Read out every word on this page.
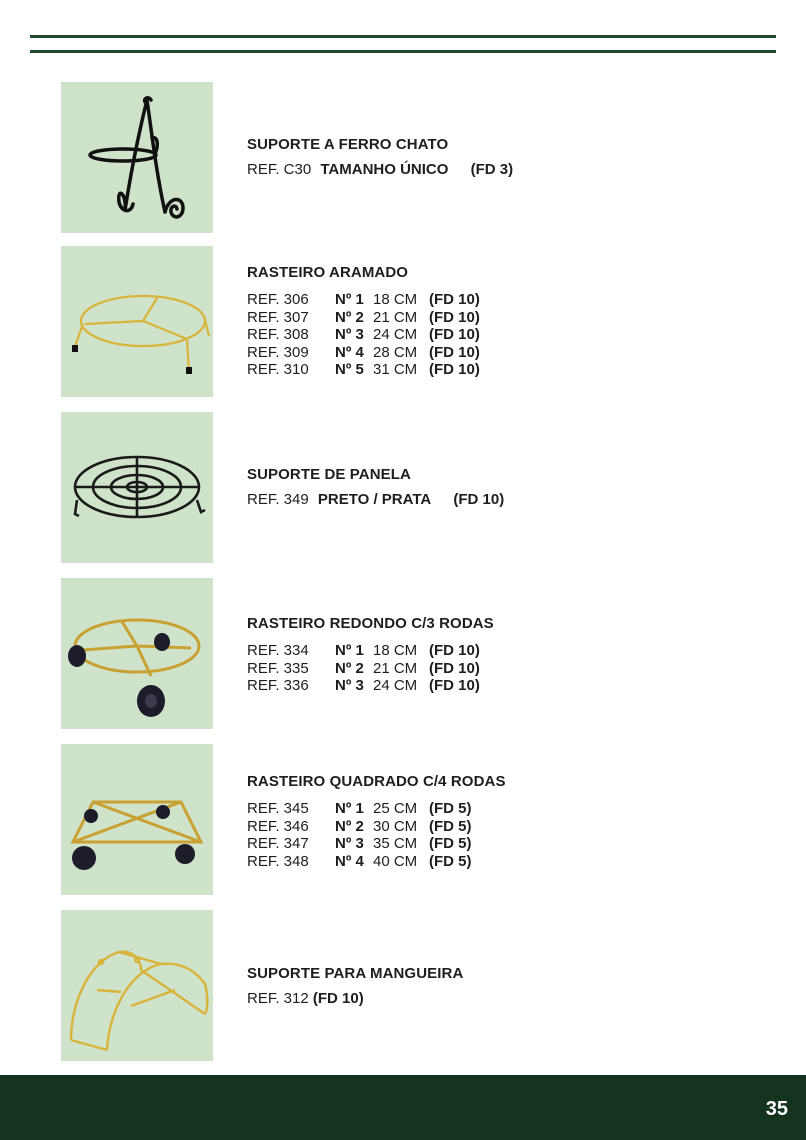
SUPORTE A FERRO CHATO
REF. C30 TAMANHO ÚNICO (FD 3)
RASTEIRO ARAMADO
REF. 306 Nº 1 18 CM (FD 10)
REF. 307 Nº 2 21 CM (FD 10)
REF. 308 Nº 3 24 CM (FD 10)
REF. 309 Nº 4 28 CM (FD 10)
REF. 310 Nº 5 31 CM (FD 10)
SUPORTE DE PANELA
REF. 349 PRETO / PRATA (FD 10)
RASTEIRO REDONDO C/3 RODAS
REF. 334 Nº 1 18 CM (FD 10)
REF. 335 Nº 2 21 CM (FD 10)
REF. 336 Nº 3 24 CM (FD 10)
RASTEIRO QUADRADO C/4 RODAS
REF. 345 Nº 1 25 CM (FD 5)
REF. 346 Nº 2 30 CM (FD 5)
REF. 347 Nº 3 35 CM (FD 5)
REF. 348 Nº 4 40 CM (FD 5)
SUPORTE PARA MANGUEIRA
REF. 312 (FD 10)
35
